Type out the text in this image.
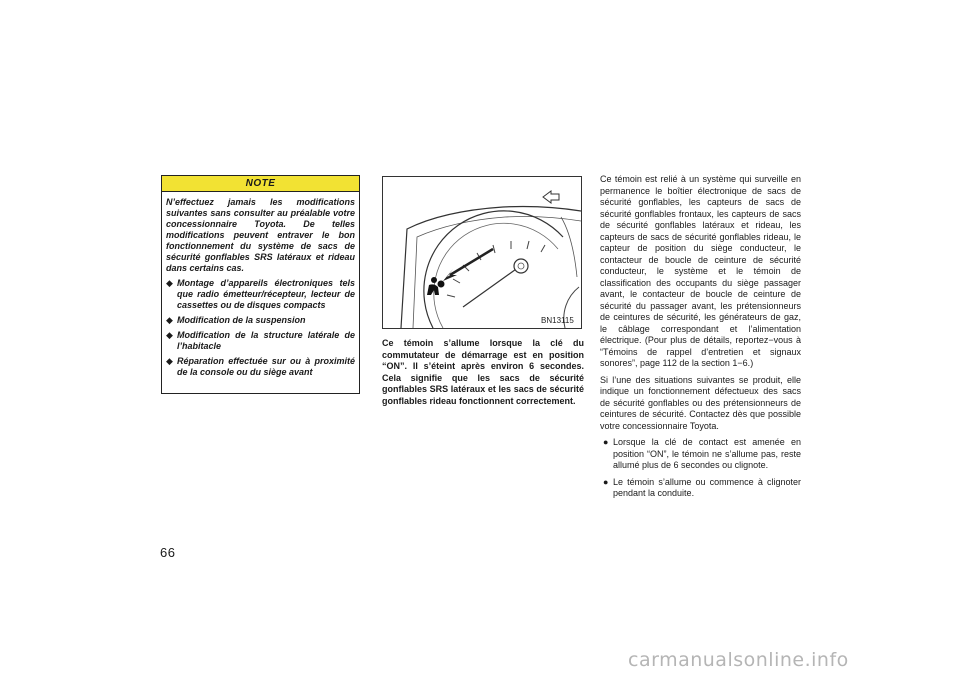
66
NOTE

N’effectuez jamais les modifications suivantes sans consulter au préalable votre concessionnaire Toyota. De telles modifications peuvent entraver le bon fonctionnement du système de sacs de sécurité gonflables SRS latéraux et rideau dans certains cas.

◆ Montage d’appareils électroniques tels que radio émetteur/récepteur, lecteur de cassettes ou de disques compacts
◆ Modification de la suspension
◆ Modification de la structure latérale de l’habitacle
◆ Réparation effectuée sur ou à proximité de la console ou du siège avant
BN13115
Ce témoin s’allume lorsque la clé du commutateur de démarrage est en position “ON”. Il s’éteint après environ 6 secondes. Cela signifie que les sacs de sécurité gonflables SRS latéraux et les sacs de sécurité gonflables rideau fonctionnent correctement.

Ce témoin est relié à un système qui surveille en permanence le boîtier électronique de sacs de sécurité gonflables, les capteurs de sacs de sécurité gonflables frontaux, les capteurs de sacs de sécurité gonflables latéraux et rideau, les capteurs de sacs de sécurité gonflables rideau, le capteur de position du siège conducteur, le contacteur de boucle de ceinture de sécurité conducteur, le système et le témoin de classification des occupants du siège passager avant, le contacteur de boucle de ceinture de sécurité du passager avant, les prétensionneurs de ceintures de sécurité, les générateurs de gaz, le câblage correspondant et l’alimentation électrique. (Pour plus de détails, reportez−vous à “Témoins de rappel d’entretien et signaux sonores”, page 112 de la section 1−6.)

Si l’une des situations suivantes se produit, elle indique un fonctionnement défectueux des sacs de sécurité gonflables ou des prétensionneurs de ceintures de sécurité. Contactez dès que possible votre concessionnaire Toyota.

● Lorsque la clé de contact est amenée en position “ON”, le témoin ne s’allume pas, reste allumé plus de 6 secondes ou clignote.
● Le témoin s’allume ou commence à clignoter pendant la conduite.
carmanualsonline.info
